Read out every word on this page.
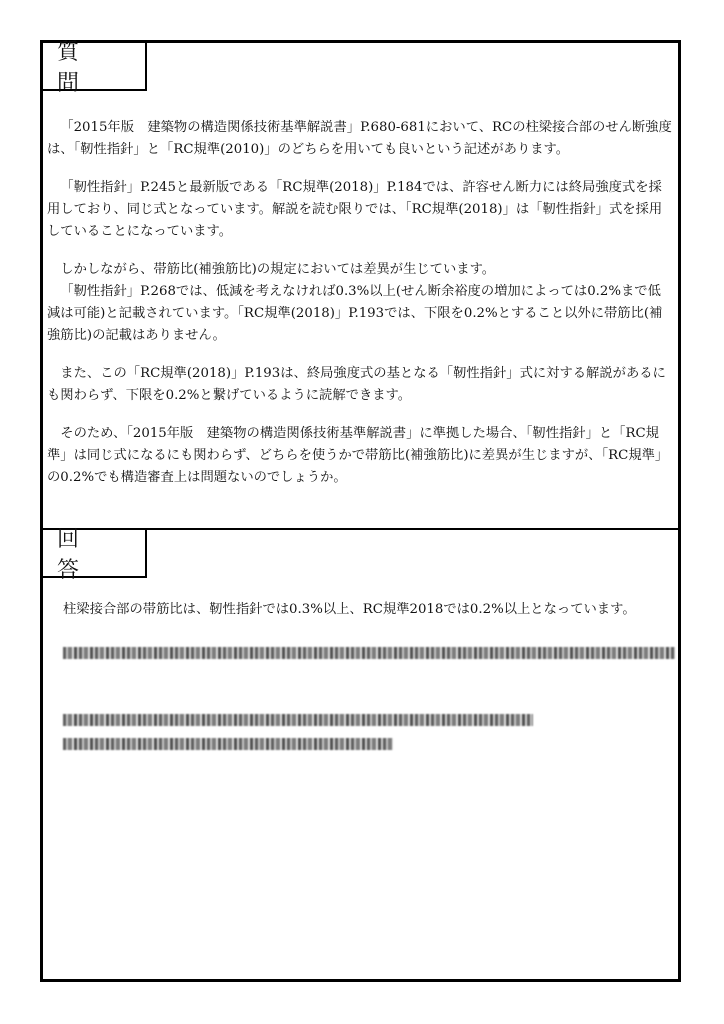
質　問

「2015年版　建築物の構造関係技術基準解説書」P.680-681において、RCの柱梁接合部のせん断強度は、「靭性指針」と「RC規準(2010)」のどちらを用いても良いという記述があります。

「靭性指針」P.245と最新版である「RC規準(2018)」P.184では、許容せん断力には終局強度式を採用しており、同じ式となっています。解説を読む限りでは、「RC規準(2018)」は「靭性指針」式を採用していることになっています。

しかしながら、帯筋比(補強筋比)の規定においては差異が生じています。

「靭性指針」P.268では、低減を考えなければ0.3%以上(せん断余裕度の増加によっては0.2%まで低減は可能)と記載されています。「RC規準(2018)」P.193では、下限を0.2%とすること以外に帯筋比(補強筋比)の記載はありません。

また、この「RC規準(2018)」P.193は、終局強度式の基となる「靭性指針」式に対する解説があるにも関わらず、下限を0.2%と繋げているように読解できます。

そのため、「2015年版　建築物の構造関係技術基準解説書」に準拠した場合、「靭性指針」と「RC規準」は同じ式になるにも関わらず、どちらを使うかで帯筋比(補強筋比)に差異が生じますが、「RC規準」の0.2%でも構造審査上は問題ないのでしょうか。

回　答
柱梁接合部の帯筋比は、靭性指針では0.3%以上、RC規準2018では0.2%以上となっています。
